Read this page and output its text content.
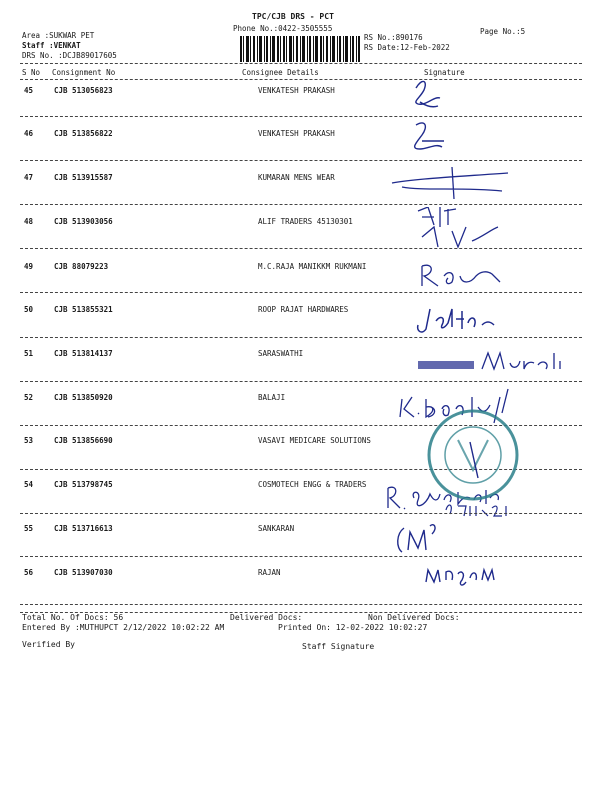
TPC/CJB DRS - PCT
Phone No.:0422-3505555	Page No.:5
Area :SUKWAR PET
Staff :VENKAT
DRS No. :DCJB89017605
RS No.:890176
RS Date:12-Feb-2022
S No Consignment No	Consignee Details	Signature
45	CJB 513056823	VENKATESH PRAKASH
46	CJB 513856822	VENKATESH PRAKASH
47	CJB 513915587	KUMARAN MENS WEAR
48	CJB 513903056	ALIF TRADERS 45130301
49	CJB 88079223	M.C.RAJA MANIKKM RUKMANI
50	CJB 513855321	ROOP RAJAT HARDWARES
51	CJB 513814137	SARASWATHI
52	CJB 513850920	BALAJI
53	CJB 513856690	VASAVI MEDICARE SOLUTIONS
54	CJB 513798745	COSMOTECH ENGG & TRADERS
55	CJB 513716613	SANKARAN
56	CJB 513907030	RAJAN
Total No. Of Docs: 56	Delivered Docs:	Non Delivered Docs:
Entered By :MUTHUPCT 2/12/2022 10:02:22 AM	Printed On: 12-02-2022 10:02:27
Verified By	Staff Signature
